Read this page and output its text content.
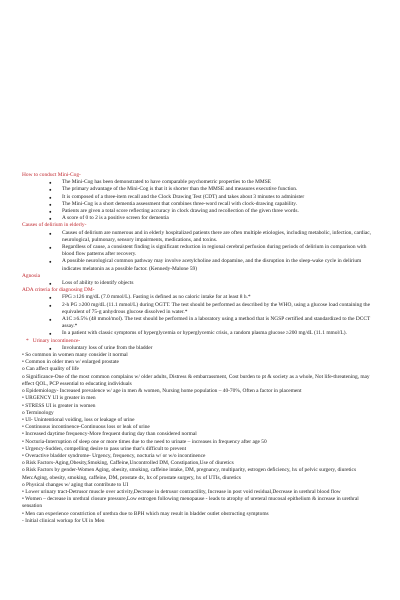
How to conduct Mini-Cog-
● The Mini-Cog has been demonstrated to have comparable psychometric properties to the MMSE
● The primary advantage of the Mini-Cog is that it is shorter than the MMSE and measures executive function.
● It is composed of a three-item recall and the Clock Drawing Test (CDT) and takes about 3 minutes to administer
● The Mini-Cog is a short dementia assessment that combines three-word recall with clock-drawing capability.
● Patients are given a total score reflecting accuracy in clock drawing and recollection of the given three words.
● A score of 0 to 2 is a positive screen for dementia
Causes of delirium in elderly-
● Causes of delirium are numerous and in elderly hospitalized patients there are often multiple etiologies, including metabolic, infection, cardiac, neurological, pulmonary, sensory impairments, medications, and toxins.
● Regardless of cause, a consistent finding is significant reduction in regional cerebral perfusion during periods of delirium in comparison with blood flow patterns after recovery.
● A possible neurological common pathway may involve acetylcholine and dopamine, and the disruption in the sleep-wake cycle in delirium indicates melatonin as a possible factor. (Kennedy-Malone 59)
Agnosia
● Loss of ability to identify objects
ADA criteria for diagnosing DM-
● FPG ≥126 mg/dL (7.0 mmol/L). Fasting is defined as no caloric intake for at least 8 h.*
● 2-h PG ≥200 mg/dL (11.1 mmol/L) during OGTT. The test should be performed as described by the WHO, using a glucose load containing the equivalent of 75-g anhydrous glucose dissolved in water.*
● A1C ≥6.5% (48 mmol/mol). The test should be performed in a laboratory using a method that is NGSP certified and standardized to the DCCT assay.*
● In a patient with classic symptoms of hyperglycemia or hyperglycemic crisis, a random plasma glucose ≥200 mg/dL (11.1 mmol/L).
* Urinary incontinence-
● Involuntary loss of urine from the bladder

• So common in women many consider it normal

• Common in older men w/ enlarged prostate

o Can affect quality of life

o Significance-One of the most common complains w/ older adults, Distress & embarrassment, Cost burden to pt & society as a whole, Not life-threatening, may effect QOL, PCP essential to educating individuals

o Epidemiology- Increased prevalence w/ age in men & women, Nursing home population – 40-70%, Often a factor in placement

• URGENCY UI is greater in men

• STRESS UI is greater in women

o Terminology

• UI- Unintentional voiding, loss or leakage of urine

• Continuous incontinence-Continuous loss or leak of urine

• Increased daytime frequency-More frequent during day than considered normal

• Nocturia-Interruption of sleep one or more times due to the need to urinate – increases in frequency after age 50

• Urgency-Sudden, compelling desire to pass urine that’s difficult to prevent

• Overactive bladder syndrome- Urgency, frequency, nocturia w/ or w/o incontinence

o Risk Factors-Aging,Obesity,Smoking, Caffeine,Uncontrolled DM, Constipation,Use of diuretics

o Risk Factors by gender-Women Aging, obesity, smoking, caffeine intake, DM, pregnancy, multiparity, estrogen deficiency, hx of pelvic surgery, diuretics

Men:Aging, obesity, smoking, caffeine, DM, prostate dx, hx of prostate surgery, hx of UTIs, diuretics

o Physical changes w/ aging that contribute to UI

• Lower urinary tract-Detrusor muscle over activity,Decrease in detrusor contractility, Increase in post void residual,Decrease in urethral blood flow

• Women – decrease in urethral closure pressure,Low estrogen following menopause - leads to atrophy of ureteral mucosal epithelium & increase in urethral sensation

• Men can experience constriction of urethra due to BPH which may result in bladder outlet obstructing symptoms

- Initial clinical workup for UI in Men
